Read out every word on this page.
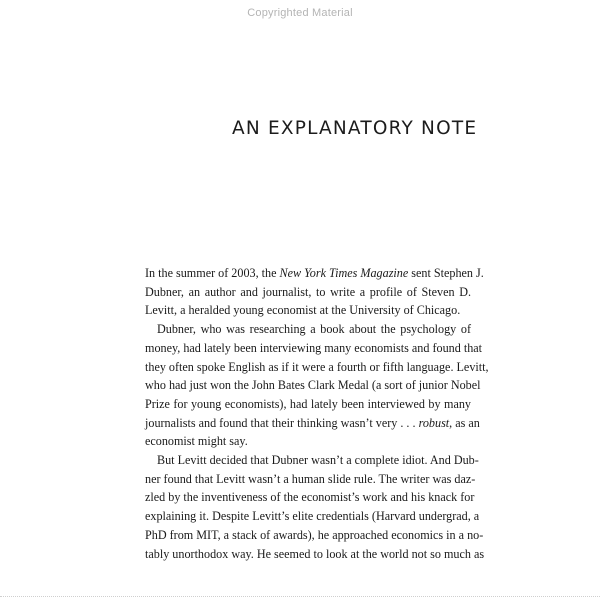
Copyrighted Material
AN EXPLANATORY NOTE
In the summer of 2003, the New York Times Magazine sent Stephen J.
Dubner, an author and journalist, to write a profile of Steven D.
Levitt, a heralded young economist at the University of Chicago.
Dubner, who was researching a book about the psychology of
money, had lately been interviewing many economists and found that
they often spoke English as if it were a fourth or fifth language. Levitt,
who had just won the John Bates Clark Medal (a sort of junior Nobel
Prize for young economists), had lately been interviewed by many
journalists and found that their thinking wasn’t very . . . robust, as an
economist might say.
But Levitt decided that Dubner wasn’t a complete idiot. And Dub-
ner found that Levitt wasn’t a human slide rule. The writer was daz-
zled by the inventiveness of the economist’s work and his knack for
explaining it. Despite Levitt’s elite credentials (Harvard undergrad, a
PhD from MIT, a stack of awards), he approached economics in a no-
tably unorthodox way. He seemed to look at the world not so much as
